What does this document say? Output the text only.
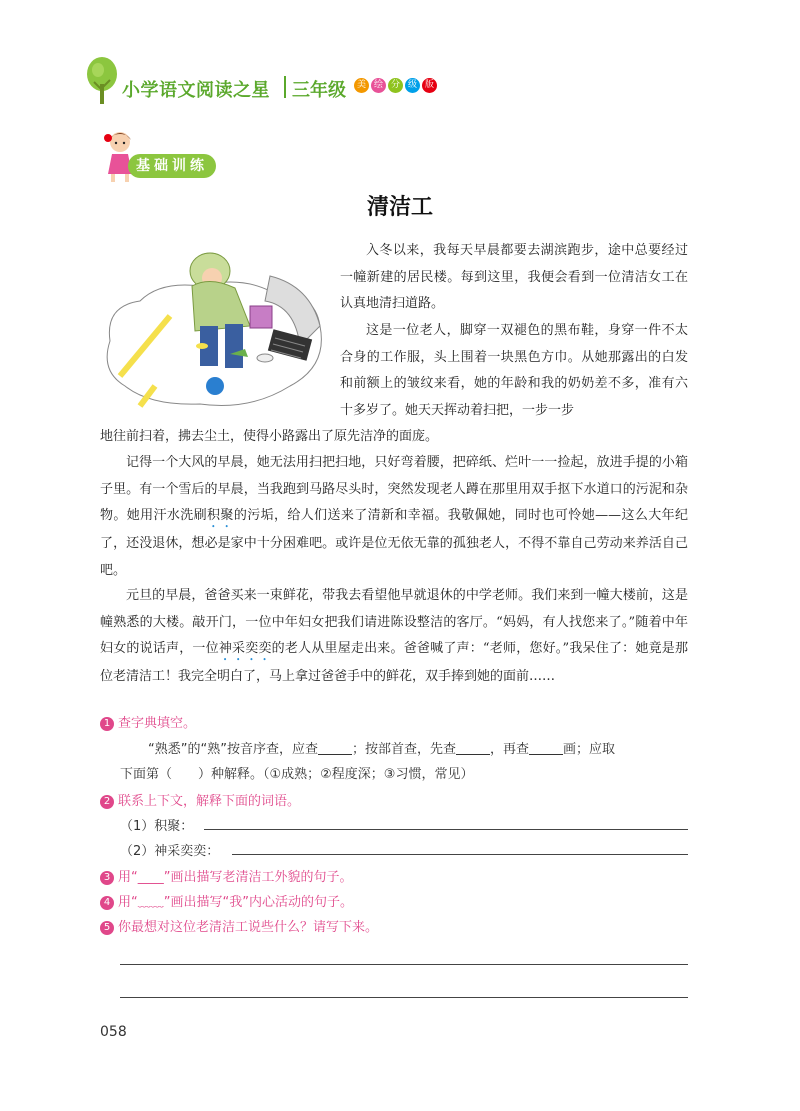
小学语文阅读之星 三年级	美 绘 分 级 版
基础训练
清洁工
入冬以来，我每天早晨都要去湖滨跑步，途中总要经过一幢新建的居民楼。每到这里，我便会看到一位清洁女工在认真地清扫道路。
这是一位老人，脚穿一双褪色的黑布鞋，身穿一件不太合身的工作服，头上围着一块黑色方巾。从她那露出的白发和前额上的皱纹来看，她的年龄和我的奶奶差不多，准有六十多岁了。她天天挥动着扫把，一步一步
地往前扫着，拂去尘土，使得小路露出了原先洁净的面庞。
记得一个大风的早晨，她无法用扫把扫地，只好弯着腰，把碎纸、烂叶一一捡起，放进手提的小箱子里。有一个雪后的早晨，当我跑到马路尽头时，突然发现老人蹲在那里用双手抠下水道口的污泥和杂物。她用汗水洗刷积聚的污垢，给人们送来了清新和幸福。我敬佩她，同时也可怜她——这么大年纪了，还没退休，想必是家中十分困难吧。或许是位无依无靠的孤独老人，不得不靠自己劳动来养活自己吧。
元旦的早晨，爸爸买来一束鲜花，带我去看望他早就退休的中学老师。我们来到一幢大楼前，这是幢熟悉的大楼。敲开门，一位中年妇女把我们请进陈设整洁的客厅。“妈妈，有人找您来了。”随着中年妇女的说话声，一位神采奕奕的老人从里屋走出来。爸爸喊了声：“老师，您好。”我呆住了：她竟是那位老清洁工！我完全明白了，马上拿过爸爸手中的鲜花，双手捧到她的面前……
1 查字典填空。
“熟悉”的“熟”按音序查，应查	；按部首查，先查	，再查	画；应取
下面第（　　）种解释。（①成熟；②程度深；③习惯，常见）
2 联系上下文，解释下面的词语。
（1）积聚：
（2）神采奕奕：
3 用“____”画出描写老清洁工外貌的句子。
4 用“﹏﹏”画出描写“我”内心活动的句子。
5 你最想对这位老清洁工说些什么？请写下来。
058
